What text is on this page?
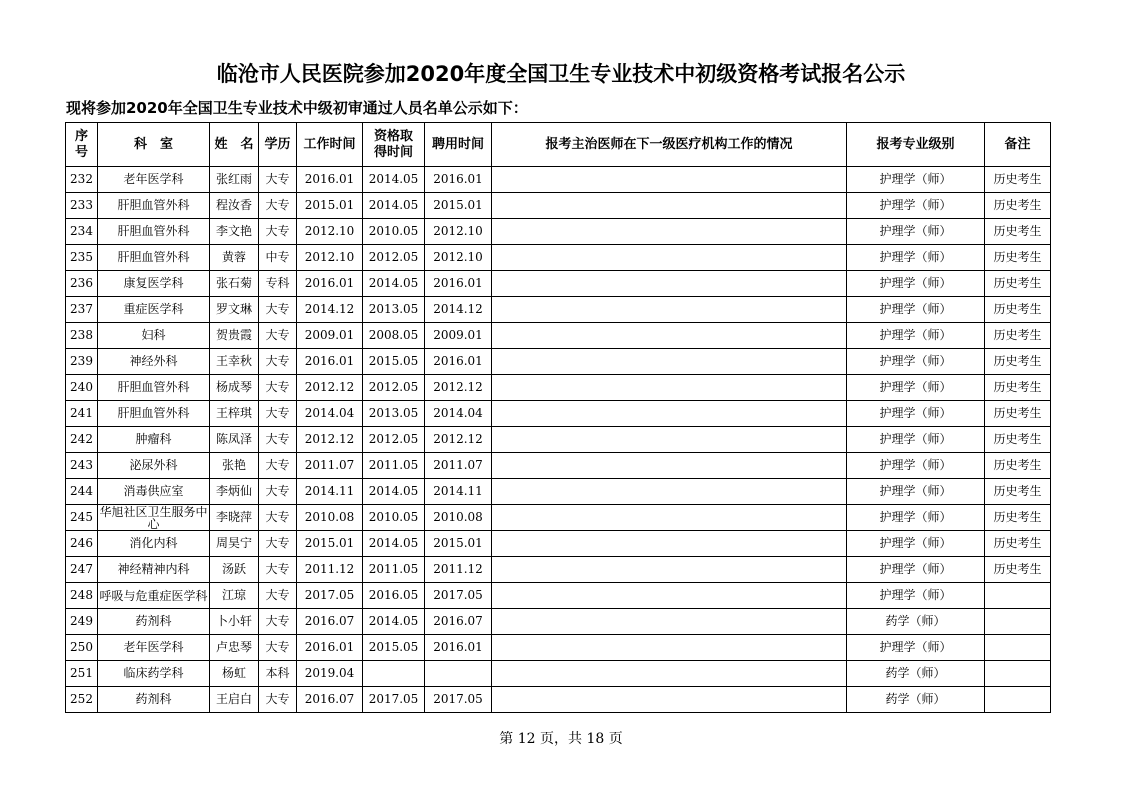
临沧市人民医院参加2020年度全国卫生专业技术中初级资格考试报名公示
现将参加2020年全国卫生专业技术中级初审通过人员名单公示如下：
序号	科　室	姓　名	学历	工作时间	资格取得时间	聘用时间	报考主治医师在下一级医疗机构工作的情况	报考专业级别	备注
232	老年医学科	张红雨	大专	2016.01	2014.05	2016.01		护理学（师）	历史考生
233	肝胆血管外科	程汝香	大专	2015.01	2014.05	2015.01		护理学（师）	历史考生
234	肝胆血管外科	李文艳	大专	2012.10	2010.05	2012.10		护理学（师）	历史考生
235	肝胆血管外科	黄蓉	中专	2012.10	2012.05	2012.10		护理学（师）	历史考生
236	康复医学科	张石菊	专科	2016.01	2014.05	2016.01		护理学（师）	历史考生
237	重症医学科	罗文琳	大专	2014.12	2013.05	2014.12		护理学（师）	历史考生
238	妇科	贺贵霞	大专	2009.01	2008.05	2009.01		护理学（师）	历史考生
239	神经外科	王幸秋	大专	2016.01	2015.05	2016.01		护理学（师）	历史考生
240	肝胆血管外科	杨成琴	大专	2012.12	2012.05	2012.12		护理学（师）	历史考生
241	肝胆血管外科	王梓琪	大专	2014.04	2013.05	2014.04		护理学（师）	历史考生
242	肿瘤科	陈凤泽	大专	2012.12	2012.05	2012.12		护理学（师）	历史考生
243	泌尿外科	张艳	大专	2011.07	2011.05	2011.07		护理学（师）	历史考生
244	消毒供应室	李炳仙	大专	2014.11	2014.05	2014.11		护理学（师）	历史考生
245	华旭社区卫生服务中心	李晓萍	大专	2010.08	2010.05	2010.08		护理学（师）	历史考生
246	消化内科	周昊宁	大专	2015.01	2014.05	2015.01		护理学（师）	历史考生
247	神经精神内科	汤跃	大专	2011.12	2011.05	2011.12		护理学（师）	历史考生
248	呼吸与危重症医学科	江琼	大专	2017.05	2016.05	2017.05		护理学（师）	
249	药剂科	卜小轩	大专	2016.07	2014.05	2016.07		药学（师）	
250	老年医学科	卢忠琴	大专	2016.01	2015.05	2016.01		护理学（师）	
251	临床药学科	杨虹	本科	2019.04				药学（师）	
252	药剂科	王启白	大专	2016.07	2017.05	2017.05		药学（师）	
第 12 页，共 18 页
